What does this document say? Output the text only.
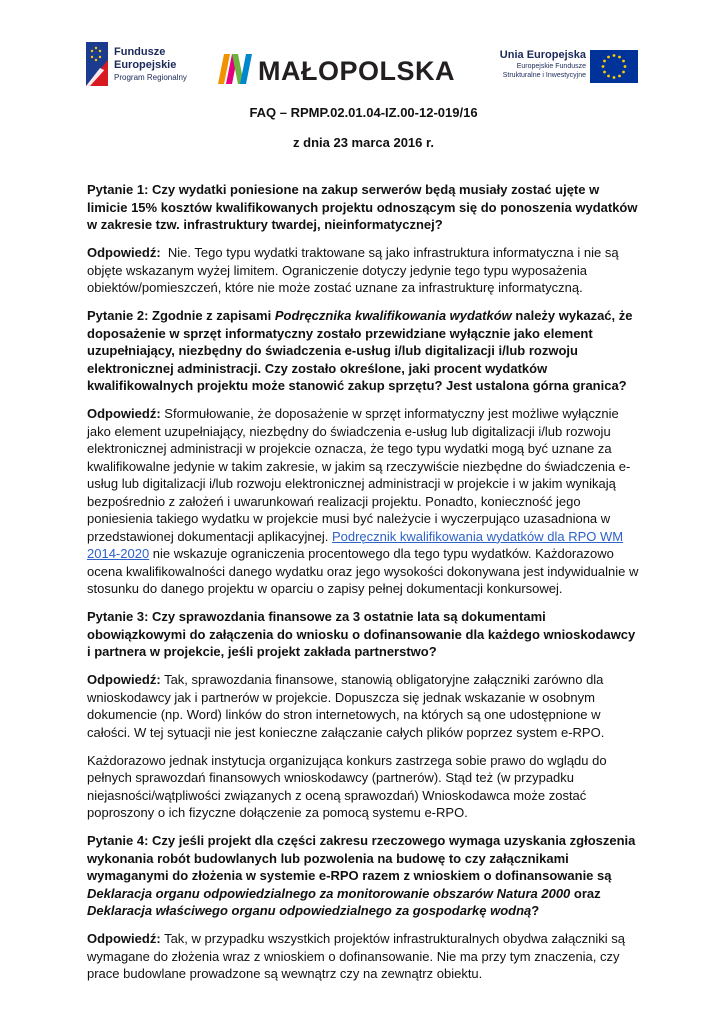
Fundusze
Europejskie
Program Regionalny	MAŁOPOLSKA
Unia Europejska
Europejskie Fundusze
Strukturalne i Inwestycyjne
FAQ – RPMP.02.01.04-IZ.00-12-019/16
z dnia 23 marca 2016 r.

Pytanie 1: Czy wydatki poniesione na zakup serwerów będą musiały zostać ujęte w limicie 15% kosztów kwalifikowanych projektu odnoszącym się do ponoszenia wydatków w zakresie tzw. infrastruktury twardej, nieinformatycznej?

Odpowiedź: Nie. Tego typu wydatki traktowane są jako infrastruktura informatyczna i nie są objęte wskazanym wyżej limitem. Ograniczenie dotyczy jedynie tego typu wyposażenia obiektów/pomieszczeń, które nie może zostać uznane za infrastrukturę informatyczną.

Pytanie 2: Zgodnie z zapisami Podręcznika kwalifikowania wydatków należy wykazać, że doposażenie w sprzęt informatyczny zostało przewidziane wyłącznie jako element uzupełniający, niezbędny do świadczenia e-usług i/lub digitalizacji i/lub rozwoju elektronicznej administracji. Czy zostało określone, jaki procent wydatków kwalifikowalnych projektu może stanowić zakup sprzętu? Jest ustalona górna granica?

Odpowiedź: Sformułowanie, że doposażenie w sprzęt informatyczny jest możliwe wyłącznie jako element uzupełniający, niezbędny do świadczenia e-usług lub digitalizacji i/lub rozwoju elektronicznej administracji w projekcie oznacza, że tego typu wydatki mogą być uznane za kwalifikowalne jedynie w takim zakresie, w jakim są rzeczywiście niezbędne do świadczenia e-usług lub digitalizacji i/lub rozwoju elektronicznej administracji w projekcie i w jakim wynikają bezpośrednio z założeń i uwarunkowań realizacji projektu. Ponadto, konieczność jego poniesienia takiego wydatku w projekcie musi być należycie i wyczerpująco uzasadniona w przedstawionej dokumentacji aplikacyjnej. Podręcznik kwalifikowania wydatków dla RPO WM 2014-2020 nie wskazuje ograniczenia procentowego dla tego typu wydatków. Każdorazowo ocena kwalifikowalności danego wydatku oraz jego wysokości dokonywana jest indywidualnie w stosunku do danego projektu w oparciu o zapisy pełnej dokumentacji konkursowej.

Pytanie 3: Czy sprawozdania finansowe za 3 ostatnie lata są dokumentami obowiązkowymi do załączenia do wniosku o dofinansowanie dla każdego wnioskodawcy i partnera w projekcie, jeśli projekt zakłada partnerstwo?

Odpowiedź: Tak, sprawozdania finansowe, stanowią obligatoryjne załączniki zarówno dla wnioskodawcy jak i partnerów w projekcie. Dopuszcza się jednak wskazanie w osobnym dokumencie (np. Word) linków do stron internetowych, na których są one udostępnione w całości. W tej sytuacji nie jest konieczne załączanie całych plików poprzez system e-RPO.

Każdorazowo jednak instytucja organizująca konkurs zastrzega sobie prawo do wglądu do pełnych sprawozdań finansowych wnioskodawcy (partnerów). Stąd też (w przypadku niejasności/wątpliwości związanych z oceną sprawozdań) Wnioskodawca może zostać poproszony o ich fizyczne dołączenie za pomocą systemu e-RPO.

Pytanie 4: Czy jeśli projekt dla części zakresu rzeczowego wymaga uzyskania zgłoszenia wykonania robót budowlanych lub pozwolenia na budowę to czy załącznikami wymaganymi do złożenia w systemie e-RPO razem z wnioskiem o dofinansowanie są Deklaracja organu odpowiedzialnego za monitorowanie obszarów Natura 2000 oraz Deklaracja właściwego organu odpowiedzialnego za gospodarkę wodną?

Odpowiedź: Tak, w przypadku wszystkich projektów infrastrukturalnych obydwa załączniki są wymagane do złożenia wraz z wnioskiem o dofinansowanie. Nie ma przy tym znaczenia, czy prace budowlane prowadzone są wewnątrz czy na zewnątrz obiektu.
